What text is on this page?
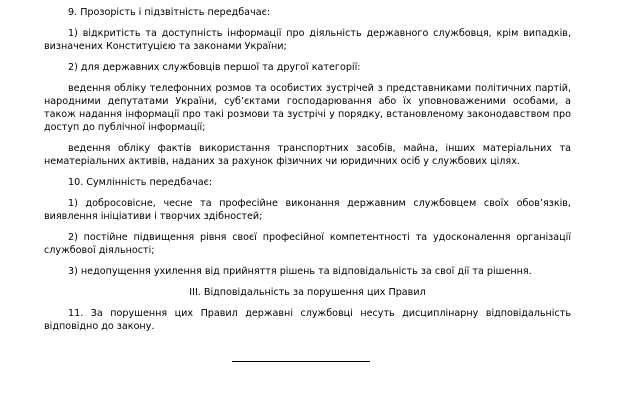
9. Прозорість і підзвітність передбачає:

1) відкритість та доступність інформації про діяльність державного службовця, крім випадків, визначених Конституцією та законами України;

2) для державних службовців першої та другої категорії:

ведення обліку телефонних розмов та особистих зустрічей з представниками політичних партій, народними депутатами України, суб’єктами господарювання або їх уповноваженими особами, а також надання інформації про такі розмови та зустрічі у порядку, встановленому законодавством про доступ до публічної інформації;

ведення обліку фактів використання транспортних засобів, майна, інших матеріальних та нематеріальних активів, наданих за рахунок фізичних чи юридичних осіб у службових цілях.

10. Сумлінність передбачає:

1) добросовісне, чесне та професійне виконання державним службовцем своїх обов’язків, виявлення ініціативи і творчих здібностей;

2) постійне підвищення рівня своєї професійної компетентності та удосконалення організації службової діяльності;

3) недопущення ухилення від прийняття рішень та відповідальність за свої дії та рішення.

ІІІ. Відповідальність за порушення цих Правил

11. За порушення цих Правил державні службовці несуть дисциплінарну відповідальність відповідно до закону.
